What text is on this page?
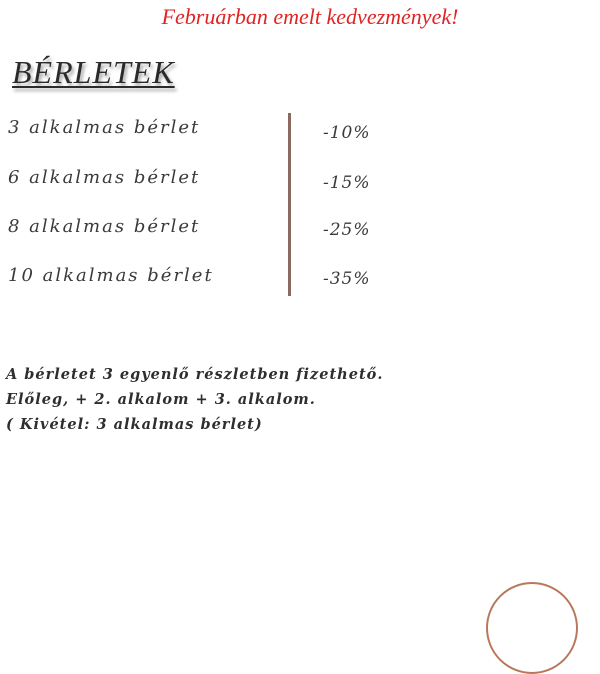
Februárban emelt kedvezmények!
BÉRLETEK
3 alkalmas bérlet	-10%
6 alkalmas bérlet	-15%
8 alkalmas bérlet	-25%
10 alkalmas bérlet	-35%
A bérletet 3 egyenlő részletben fizethető.
Előleg, + 2. alkalom + 3. alkalom.
( Kivétel: 3 alkalmas bérlet)
